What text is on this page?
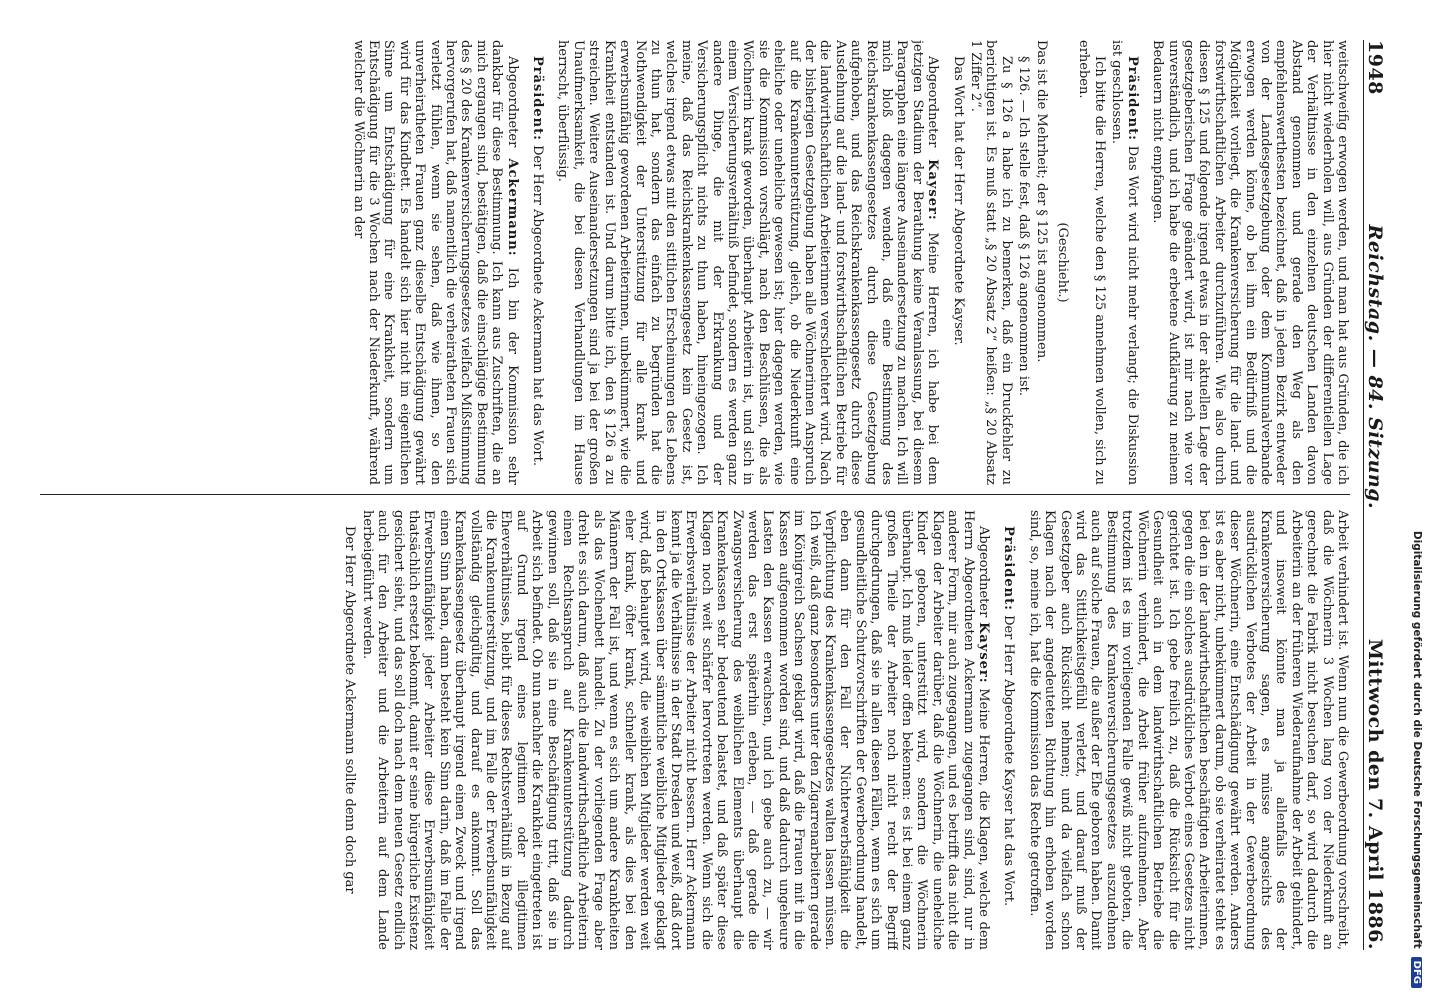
1948
Reichstag. — 84. Sitzung.
Mittwoch den 7. April 1886.

weitschweifig erwogen werden, und man hat aus Gründen, die ich hier nicht wiederholen will, aus Gründen der differentiellen Lage der Verhältnisse in den einzelnen deutschen Landen davon Abstand genommen und gerade den Weg als den empfehlenswerthesten bezeichnet, daß in jedem Bezirk entweder von der Landesgesetzgebung oder dem Kommunalverbande erwogen werden könne, ob bei ihm ein Bedürfniß und die Möglichkeit vorliegt, die Krankenversicherung für die land- und forstwirthschaftlichen Arbeiter durchzuführen. Wie also durch diesen § 125 und folgende irgend etwas in der aktuellen Lage der gesetzgeberischen Frage geändert wird, ist mir nach wie vor unverständlich, und ich habe die erbetene Aufklärung zu meinem Bedauern nicht empfangen.

Präsident: Das Wort wird nicht mehr verlangt; die Diskussion ist geschlossen.

Ich bitte die Herren, welche den § 125 annehmen wollen, sich zu erheben.

(Geschieht.)

Das ist die Mehrheit; der § 125 ist angenommen.

§ 126. — Ich stelle fest, daß § 126 angenommen ist.

Zu § 126 a habe ich zu bemerken, daß ein Druckfehler zu berichtigen ist. Es muß statt „§ 20 Absatz 2“ heißen: „§ 20 Absatz 1 Ziffer 2“.

Das Wort hat der Herr Abgeordnete Kayser.

Abgeordneter Kayser: Meine Herren, ich habe bei dem jetzigen Stadium der Berathung keine Veranlassung, bei diesem Paragraphen eine längere Auseinandersetzung zu machen. Ich will mich bloß dagegen wenden, daß eine Bestimmung des Reichskrankenkassengesetzes durch diese Gesetzgebung aufgehoben, und das Reichskrankenkassengesetz durch diese Ausdehnung auf die land- und forstwirthschaftlichen Betriebe für die landwirthschaftlichen Arbeiterinnen verschlechtert wird. Nach der bisherigen Gesetzgebung haben alle Wöchnerinnen Anspruch auf die Krankenunterstützung, gleich, ob die Niederkunft eine eheliche oder uneheliche gewesen ist; hier dagegen werden, wie sie die Kommission vorschlägt, nach den Beschlüssen, die als Wöchnerin krank geworden, überhaupt Arbeiterin ist, und sich in einem Versicherungsverhältniß befindet, sondern es werden ganz andere Dinge, die mit der Erkrankung und der Versicherungspflicht nichts zu thun haben, hineingezogen. Ich meine, daß das Reichskrankenkassengesetz kein Gesetz ist, welches irgend etwas mit den sittlichen Erscheinungen des Lebens zu thun hat, sondern das einfach zu begründen hat die Nothwendigkeit der Unterstützung für alle krank und erwerbsunfähig gewordenen Arbeiterinnen, unbekümmert, wie die Krankheit entstanden ist. Und darum bitte ich, den § 126 a zu streichen. Weitere Auseinandersetzungen sind ja bei der großen Unaufmerksamkeit, die bei diesen Verhandlungen im Hause herrscht, überflüssig.

Präsident: Der Herr Abgeordnete Ackermann hat das Wort.

Abgeordneter Ackermann: Ich bin der Kommission sehr dankbar für diese Bestimmung. Ich kann aus Zuschriften, die an mich ergangen sind, bestätigen, daß die einschlägige Bestimmung des § 20 des Krankenversicherungsgesetzes vielfach Mißstimmung hervorgerufen hat, daß namentlich die verheiratheten Frauen sich verletzt fühlen, wenn sie sehen, daß wie ihnen, so den unverheiratheten Frauen ganz dieselbe Entschädigung gewährt wird für das Kindbett. Es handelt sich hier nicht im eigentlichen Sinne um Entschädigung für eine Krankheit, sondern um Entschädigung für die 3 Wochen nach der Niederkunft, während welcher die Wöchnerin an der

Arbeit verhindert ist. Wenn nun die Gewerbeordnung vorschreibt, daß die Wöchnerin 3 Wochen lang von der Niederkunft an gerechnet die Fabrik nicht besuchen darf, so wird dadurch die Arbeiterin an der früheren Wiederaufnahme der Arbeit gehindert, und insoweit könnte man ja allenfalls des der Krankenversicherung sagen, es müsse angesichts des ausdrücklichen Verbotes der Arbeit in der Gewerbeordnung dieser Wöchnerin, eine Entschädigung gewährt werden. Anders ist es aber nicht, unbekümmert darum, ob sie verheiratet steht es bei den in der landwirthschaftlichen beschäftigten Arbeiterinnen, gegen die ein solches ausdrückliches Verbot eines Gesetzes nicht gerichtet ist. Ich gebe freilich zu, daß die Rücksicht für die Gesundheit auch in dem landwirthschaftlichen Betriebe die Wöchnerin verhindert, die Arbeit früher aufzunehmen. Aber trotzdem ist es im vorliegenden Falle gewiß nicht geboten, die Bestimmung des Krankenversicherungsgesetzes auszudehnen auch auf solche Frauen, die außer der Ehe geboren haben. Damit wird das Sittlichkeitsgefühl verletzt, und darauf muß der Gesetzgeber auch Rücksicht nehmen; und da vielfach schon Klagen nach der angedeuteten Richtung hin erhoben worden sind, so, meine ich, hat die Kommission das Rechte getroffen.

Präsident: Der Herr Abgeordnete Kayser hat das Wort.

Abgeordneter Kayser: Meine Herren, die Klagen, welche dem Herrn Abgeordneten Ackermann zugegangen sind, sind, nur in anderer Form, mir auch zugegangen, und es betrifft das nicht die Klagen der Arbeiter darüber, daß die Wöchnerin, die uneheliche Kinder geboren, unterstützt wird, sondern die Wöchnerin überhaupt. Ich muß leider offen bekennen: es ist bei einem ganz großen Theile der Arbeiter noch nicht recht der Begriff durchgedrungen, daß sie in allen diesen Fällen, wenn es sich um gesundheitliche Schutzvorschriften der Gewerbeordnung handelt, eben dann für den Fall der Nichterwerbsfähigkeit die Verpflichtung des Krankenkassengesetzes walten lassen müssen. Ich weiß, daß ganz besonders unter den Zigarrenarbeitern gerade im Königreich Sachsen geklagt wird, daß die Frauen mit in die Kassen aufgenommen worden sind, und daß dadurch ungeheure Lasten den Kassen erwachsen, und ich gebe auch zu, — wir werden das erst späterhin erleben, — daß gerade die Zwangsversicherung des weiblichen Elements überhaupt die Krankenkassen sehr bedeutend belastet, und daß später diese Klagen noch weit schärfer hervortreten werden. Wenn sich die Erwerbsverhältnisse der Arbeiter nicht bessern. Herr Ackermann kennt ja die Verhältnisse in der Stadt Dresden und weiß, daß dort in den Ortskassen über sämmtliche weibliche Mitglieder geklagt wird, daß behauptet wird, die weiblichen Mitglieder werden weit eher krank, öfter krank, schneller krank, als dies bei den Männern der Fall ist, und wenn es sich um andere Krankheiten als das Wochenbett handelt. Zu der vorliegenden Frage aber dreht es sich darum, daß auch die landwirthschaftliche Arbeiterin einen Rechtsanspruch auf Krankenunterstützung dadurch gewinnen soll, daß sie in eine Beschäftigung tritt, daß sie in Arbeit sich befindet. Ob nun nachher die Krankheit eingetreten ist auf Grund irgend eines legitimen oder illegitimen Eheverhältnisses, bleibt für dieses Rechtsverhältniß in Bezug auf die Krankenunterstützung, und im Falle der Erwerbsunfähigkeit vollständig gleichgültig, und darauf es ankommt. Soll das Krankenkassengesetz überhaupt irgend einen Zweck und irgend einen Sinn haben, dann besteht kein Sinn darin, daß im Falle der Erwerbsunfähigkeit jeder Arbeiter diese Erwerbsunfähigkeit thatsächlich ersetzt bekommt, damit er seine bürgerliche Existenz gesichert sieht, und das soll doch nach dem neuen Gesetz endlich auch für den Arbeiter und die Arbeiterin auf dem Lande herbeigeführt werden.

Der Herr Abgeordnete Ackermann sollte denn doch gar	Digitalisierung gefördert durch die Deutsche Forschungsgemeinschaft
DFG
